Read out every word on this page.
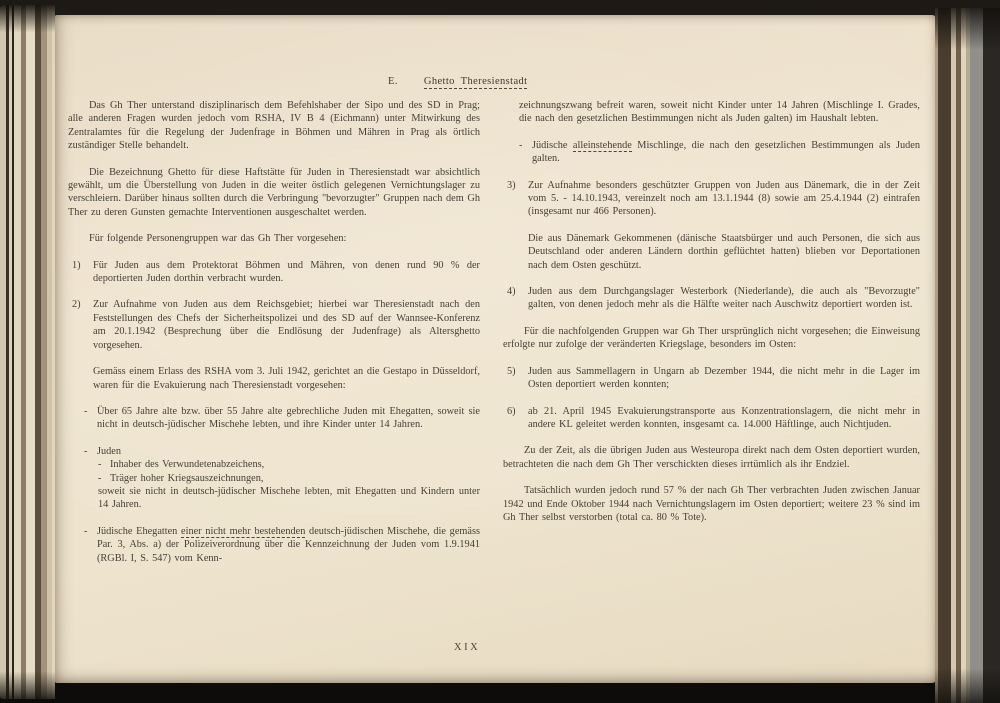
E. Ghetto Theresienstadt
Das Gh Ther unterstand disziplinarisch dem Befehlshaber der Sipo und des SD in Prag; alle anderen Fragen wurden jedoch vom RSHA, IV B 4 (Eichmann) unter Mitwirkung des Zentralamtes für die Regelung der Judenfrage in Böhmen und Mähren in Prag als örtlich zuständiger Stelle behandelt.
Die Bezeichnung Ghetto für diese Haftstätte für Juden in Theresienstadt war absichtlich gewählt, um die Überstellung von Juden in die weiter östlich gelegenen Vernichtungslager zu verschleiern. Darüber hinaus sollten durch die Verbringung "bevorzugter" Gruppen nach dem Gh Ther zu deren Gunsten gemachte Interventionen ausgeschaltet werden.
Für folgende Personengruppen war das Gh Ther vorgesehen:
1) Für Juden aus dem Protektorat Böhmen und Mähren, von denen rund 90 % der deportierten Juden dorthin verbracht wurden.
2) Zur Aufnahme von Juden aus dem Reichsgebiet; hierbei war Theresienstadt nach den Feststellungen des Chefs der Sicherheitspolizei und des SD auf der Wannsee-Konferenz am 20.1.1942 (Besprechung über die Endlösung der Judenfrage) als Altersghetto vorgesehen.
Gemäss einem Erlass des RSHA vom 3. Juli 1942, gerichtet an die Gestapo in Düsseldorf, waren für die Evakuierung nach Theresienstadt vorgesehen:
- Über 65 Jahre alte bzw. über 55 Jahre alte gebrechliche Juden mit Ehegatten, soweit sie nicht in deutsch-jüdischer Mischehe lebten, und ihre Kinder unter 14 Jahren.
- Juden
- Inhaber des Verwundetenabzeichens,
- Träger hoher Kriegsauszeichnungen,
soweit sie nicht in deutsch-jüdischer Mischehe lebten, mit Ehegatten und Kindern unter 14 Jahren.
- Jüdische Ehegatten einer nicht mehr bestehenden deutsch-jüdischen Mischehe, die gemäss Par. 3, Abs. a) der Polizeiverordnung über die Kennzeichnung der Juden vom 1.9.1941 (RGBl. I, S. 547) vom Kenn-
zeichnungszwang befreit waren, soweit nicht Kinder unter 14 Jahren (Mischlinge I. Grades, die nach den gesetzlichen Bestimmungen nicht als Juden galten) im Haushalt lebten.
- Jüdische alleinstehende Mischlinge, die nach den gesetzlichen Bestimmungen als Juden galten.
3) Zur Aufnahme besonders geschützter Gruppen von Juden aus Dänemark, die in der Zeit vom 5. - 14.10.1943, vereinzelt noch am 13.1.1944 (8) sowie am 25.4.1944 (2) eintrafen (insgesamt nur 466 Personen).
Die aus Dänemark Gekommenen (dänische Staatsbürger und auch Personen, die sich aus Deutschland oder anderen Ländern dorthin geflüchtet hatten) blieben vor Deportationen nach dem Osten geschützt.
4) Juden aus dem Durchgangslager Westerbork (Niederlande), die auch als "Bevorzugte" galten, von denen jedoch mehr als die Hälfte weiter nach Auschwitz deportiert worden ist.
Für die nachfolgenden Gruppen war Gh Ther ursprünglich nicht vorgesehen; die Einweisung erfolgte nur zufolge der veränderten Kriegslage, besonders im Osten:
5) Juden aus Sammellagern in Ungarn ab Dezember 1944, die nicht mehr in die Lager im Osten deportiert werden konnten;
6) ab 21. April 1945 Evakuierungstransporte aus Konzentrationslagern, die nicht mehr in andere KL geleitet werden konnten, insgesamt ca. 14.000 Häftlinge, auch Nichtjuden.
Zu der Zeit, als die übrigen Juden aus Westeuropa direkt nach dem Osten deportiert wurden, betrachteten die nach dem Gh Ther verschickten dieses irrtümlich als ihr Endziel.
Tatsächlich wurden jedoch rund 57 % der nach Gh Ther verbrachten Juden zwischen Januar 1942 und Ende Oktober 1944 nach Vernichtungslagern im Osten deportiert; weitere 23 % sind im Gh Ther selbst verstorben (total ca. 80 % Tote).
XIX
